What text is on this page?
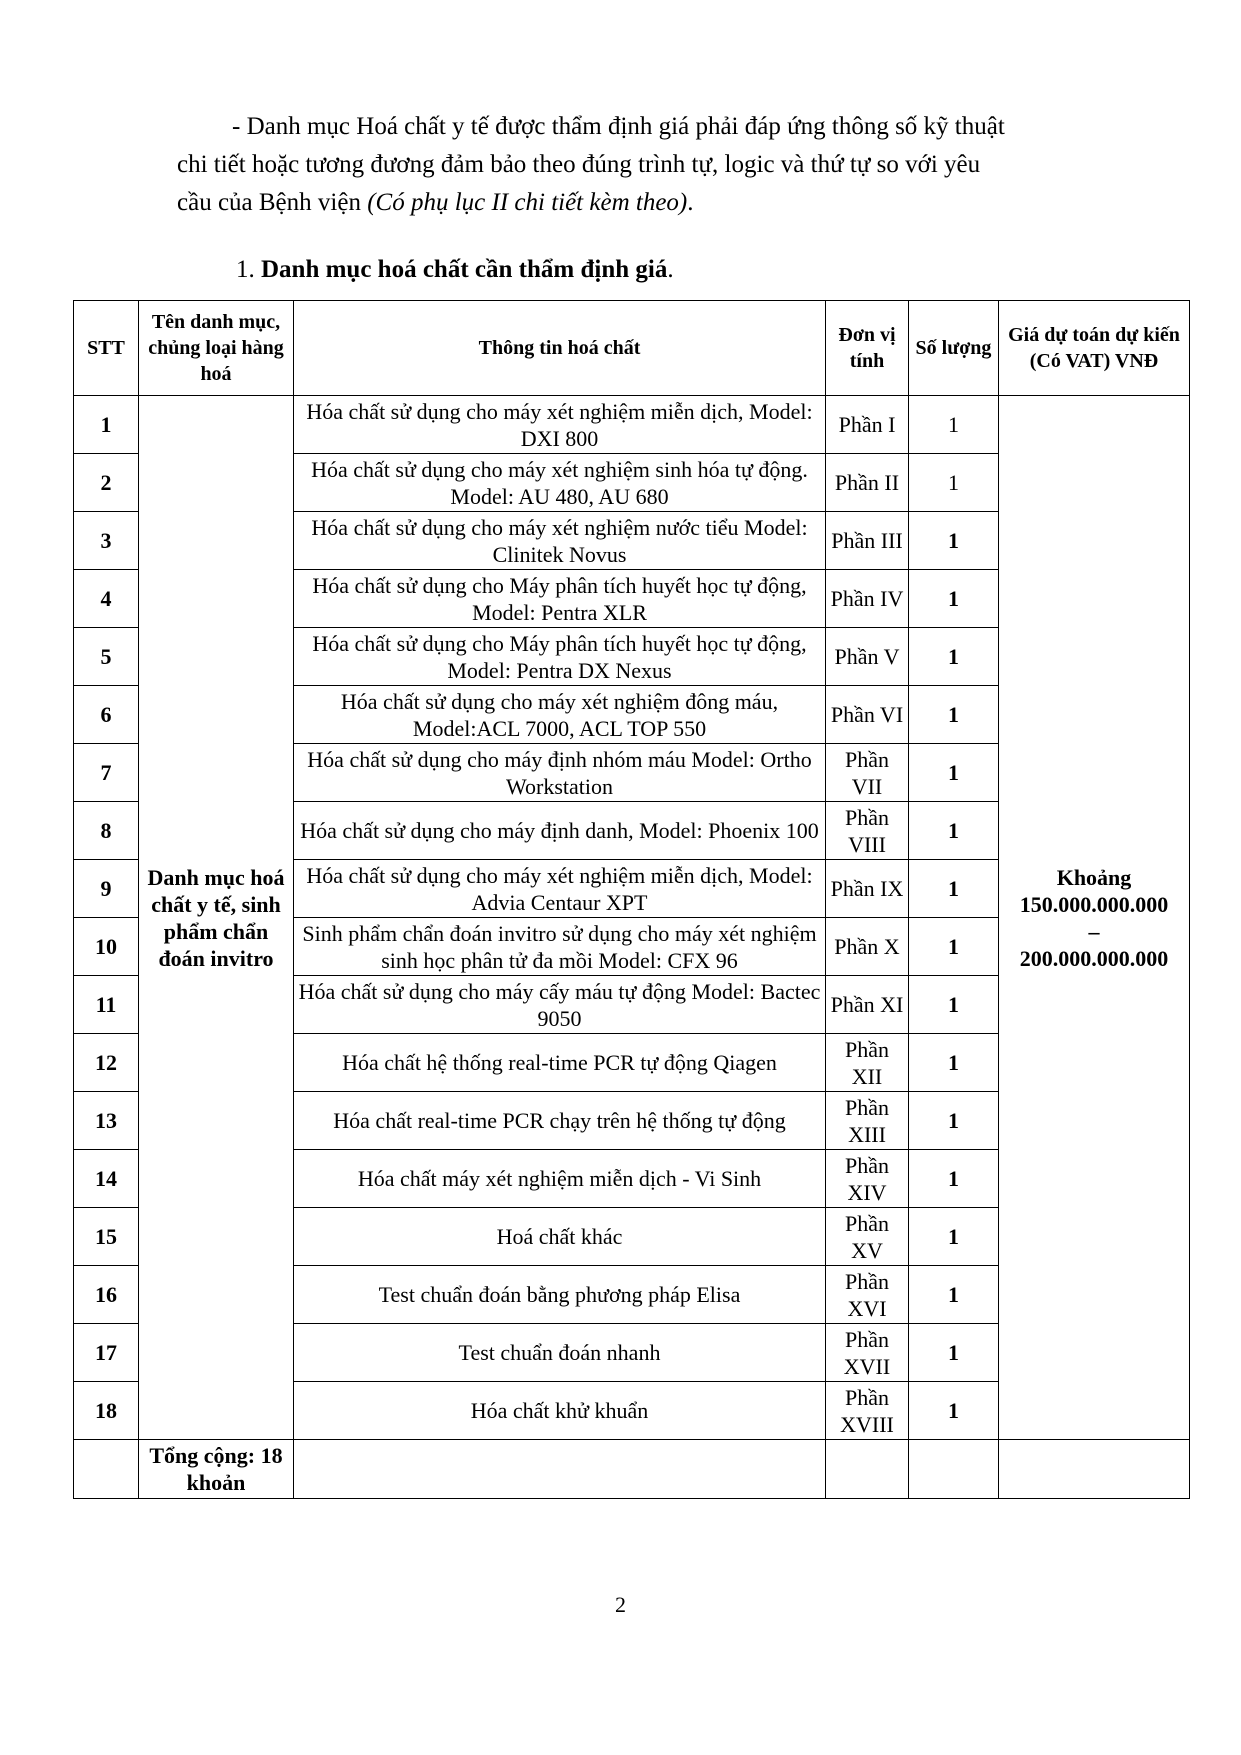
- Danh mục Hoá chất y tế được thẩm định giá phải đáp ứng thông số kỹ thuật

chi tiết hoặc tương đương đảm bảo theo đúng trình tự, logic và thứ tự so với yêu

cầu của Bệnh viện (Có phụ lục II chi tiết kèm theo).

1. Danh mục hoá chất cần thẩm định giá.

STT	Tên danh mục, chủng loại hàng hoá	Thông tin hoá chất	Đơn vị tính	Số lượng	Giá dự toán dự kiến (Có VAT) VNĐ
1	Danh mục hoá chất y tế, sinh phẩm chẩn đoán invitro	Hóa chất sử dụng cho máy xét nghiệm miễn dịch, Model: DXI 800	Phần I	1	Khoảng
150.000.000.000
–
200.000.000.000

2		Hóa chất sử dụng cho máy xét nghiệm sinh hóa tự động. Model: AU 480, AU 680	Phần II	1	
3		Hóa chất sử dụng cho máy xét nghiệm nước tiểu Model: Clinitek Novus	Phần III	1	
4		Hóa chất sử dụng cho Máy phân tích huyết học tự động, Model: Pentra XLR	Phần IV	1	
5		Hóa chất sử dụng cho Máy phân tích huyết học tự động, Model: Pentra DX Nexus	Phần V	1	
6		Hóa chất sử dụng cho máy xét nghiệm đông máu, Model:ACL 7000, ACL TOP 550	Phần VI	1	
7		Hóa chất sử dụng cho máy định nhóm máu Model: Ortho Workstation	Phần VII	1	
8		Hóa chất sử dụng cho máy định danh, Model: Phoenix 100	Phần VIII	1	
9		Hóa chất sử dụng cho máy xét nghiệm miễn dịch, Model: Advia Centaur XPT	Phần IX	1	
10		Sinh phẩm chẩn đoán invitro sử dụng cho máy xét nghiệm sinh học phân tử đa mồi Model: CFX 96	Phần X	1	
11		Hóa chất sử dụng cho máy cấy máu tự động Model: Bactec 9050	Phần XI	1	
12		Hóa chất hệ thống real-time PCR tự động Qiagen	Phần XII	1	
13		Hóa chất real-time PCR chạy trên hệ thống tự động	Phần XIII	1	
14		Hóa chất máy xét nghiệm miễn dịch - Vi Sinh	Phần XIV	1	
15		Hoá chất khác	Phần XV	1	
16		Test chuẩn đoán bằng phương pháp Elisa	Phần XVI	1	
17		Test chuẩn đoán nhanh	Phần XVII	1	
18		Hóa chất khử khuẩn	Phần XVIII	1	
	Tổng cộng: 18 khoản				
2
